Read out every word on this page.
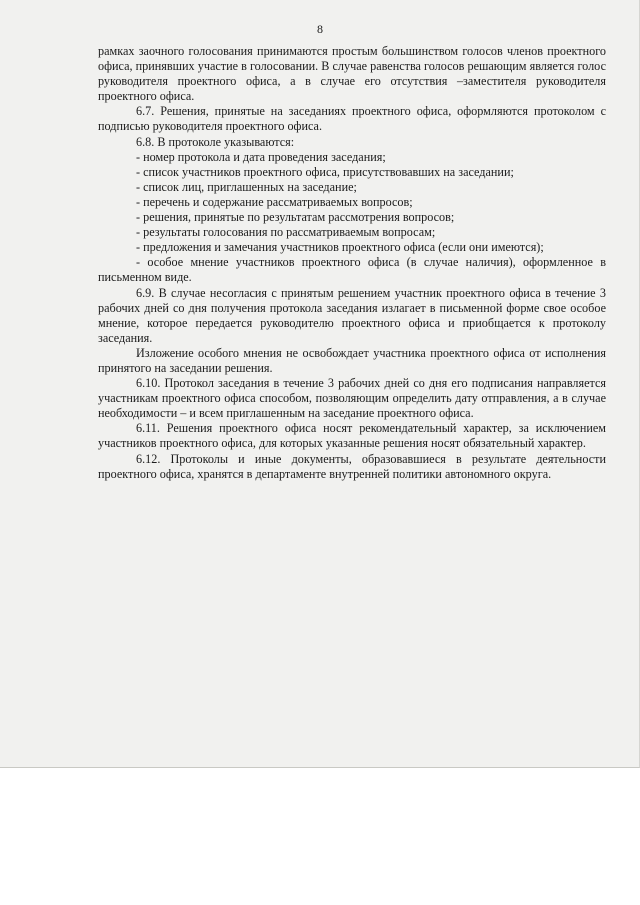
8

рамках заочного голосования принимаются простым большинством голосов членов проектного офиса, принявших участие в голосовании. В случае равенства голосов решающим является голос руководителя проектного офиса, а в случае его отсутствия –заместителя руководителя проектного офиса.

6.7. Решения, принятые на заседаниях проектного офиса, оформляются протоколом с подписью руководителя проектного офиса.

6.8. В протоколе указываются:

- номер протокола и дата проведения заседания;

- список участников проектного офиса, присутствовавших на заседании;

- список лиц, приглашенных на заседание;

- перечень и содержание рассматриваемых вопросов;

- решения, принятые по результатам рассмотрения вопросов;

- результаты голосования по рассматриваемым вопросам;

- предложения и замечания участников проектного офиса (если они имеются);

- особое мнение участников проектного офиса (в случае наличия), оформленное в письменном виде.

6.9. В случае несогласия с принятым решением участник проектного офиса в течение 3 рабочих дней со дня получения протокола заседания излагает в письменной форме свое особое мнение, которое передается руководителю проектного офиса и приобщается к протоколу заседания.

Изложение особого мнения не освобождает участника проектного офиса от исполнения принятого на заседании решения.

6.10. Протокол заседания в течение 3 рабочих дней со дня его подписания направляется участникам проектного офиса способом, позволяющим определить дату отправления, а в случае необходимости – и всем приглашенным на заседание проектного офиса.

6.11. Решения проектного офиса носят рекомендательный характер, за исключением участников проектного офиса, для которых указанные решения носят обязательный характер.

6.12. Протоколы и иные документы, образовавшиеся в результате деятельности проектного офиса, хранятся в департаменте внутренней политики автономного округа.
